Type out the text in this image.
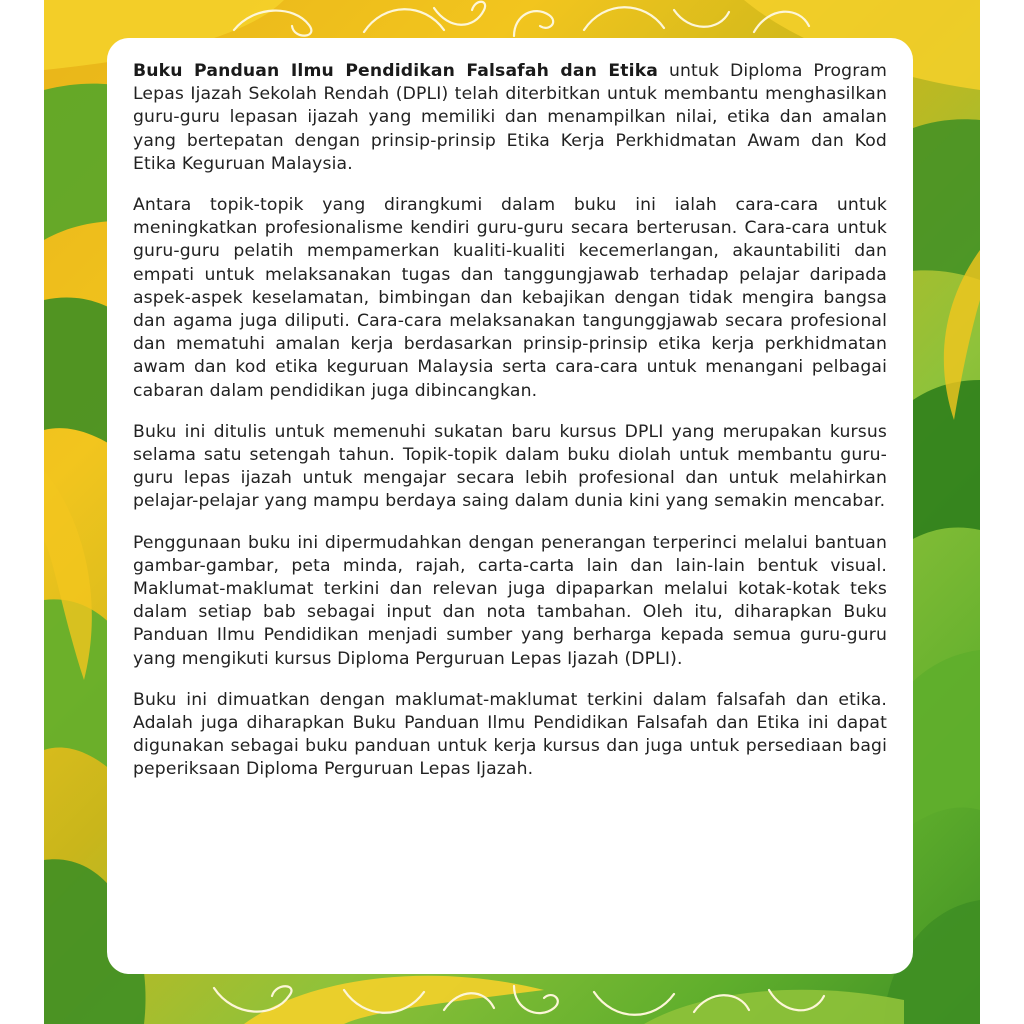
Buku Panduan Ilmu Pendidikan Falsafah dan Etika untuk Diploma Program Lepas Ijazah Sekolah Rendah (DPLI) telah diterbitkan untuk membantu menghasilkan guru-guru lepasan ijazah yang memiliki dan menampilkan nilai, etika dan amalan yang bertepatan dengan prinsip-prinsip Etika Kerja Perkhidmatan Awam dan Kod Etika Keguruan Malaysia.

Antara topik-topik yang dirangkumi dalam buku ini ialah cara-cara untuk meningkatkan profesionalisme kendiri guru-guru secara berterusan. Cara-cara untuk guru-guru pelatih mempamerkan kualiti-kualiti kecemerlangan, akauntabiliti dan empati untuk melaksanakan tugas dan tanggungjawab terhadap pelajar daripada aspek-aspek keselamatan, bimbingan dan kebajikan dengan tidak mengira bangsa dan agama juga diliputi. Cara-cara melaksanakan tangunggjawab secara profesional dan mematuhi amalan kerja berdasarkan prinsip-prinsip etika kerja perkhidmatan awam dan kod etika keguruan Malaysia serta cara-cara untuk menangani pelbagai cabaran dalam pendidikan juga dibincangkan.

Buku ini ditulis untuk memenuhi sukatan baru kursus DPLI yang merupakan kursus selama satu setengah tahun. Topik-topik dalam buku diolah untuk membantu guru-guru lepas ijazah untuk mengajar secara lebih profesional dan untuk melahirkan pelajar-pelajar yang mampu berdaya saing dalam dunia kini yang semakin mencabar.

Penggunaan buku ini dipermudahkan dengan penerangan terperinci melalui bantuan gambar-gambar, peta minda, rajah, carta-carta lain dan lain-lain bentuk visual. Maklumat-maklumat terkini dan relevan juga dipaparkan melalui kotak-kotak teks dalam setiap bab sebagai input dan nota tambahan. Oleh itu, diharapkan Buku Panduan Ilmu Pendidikan menjadi sumber yang berharga kepada semua guru-guru yang mengikuti kursus Diploma Perguruan Lepas Ijazah (DPLI).

Buku ini dimuatkan dengan maklumat-maklumat terkini dalam falsafah dan etika. Adalah juga diharapkan Buku Panduan Ilmu Pendidikan Falsafah dan Etika ini dapat digunakan sebagai buku panduan untuk kerja kursus dan juga untuk persediaan bagi peperiksaan Diploma Perguruan Lepas Ijazah.
